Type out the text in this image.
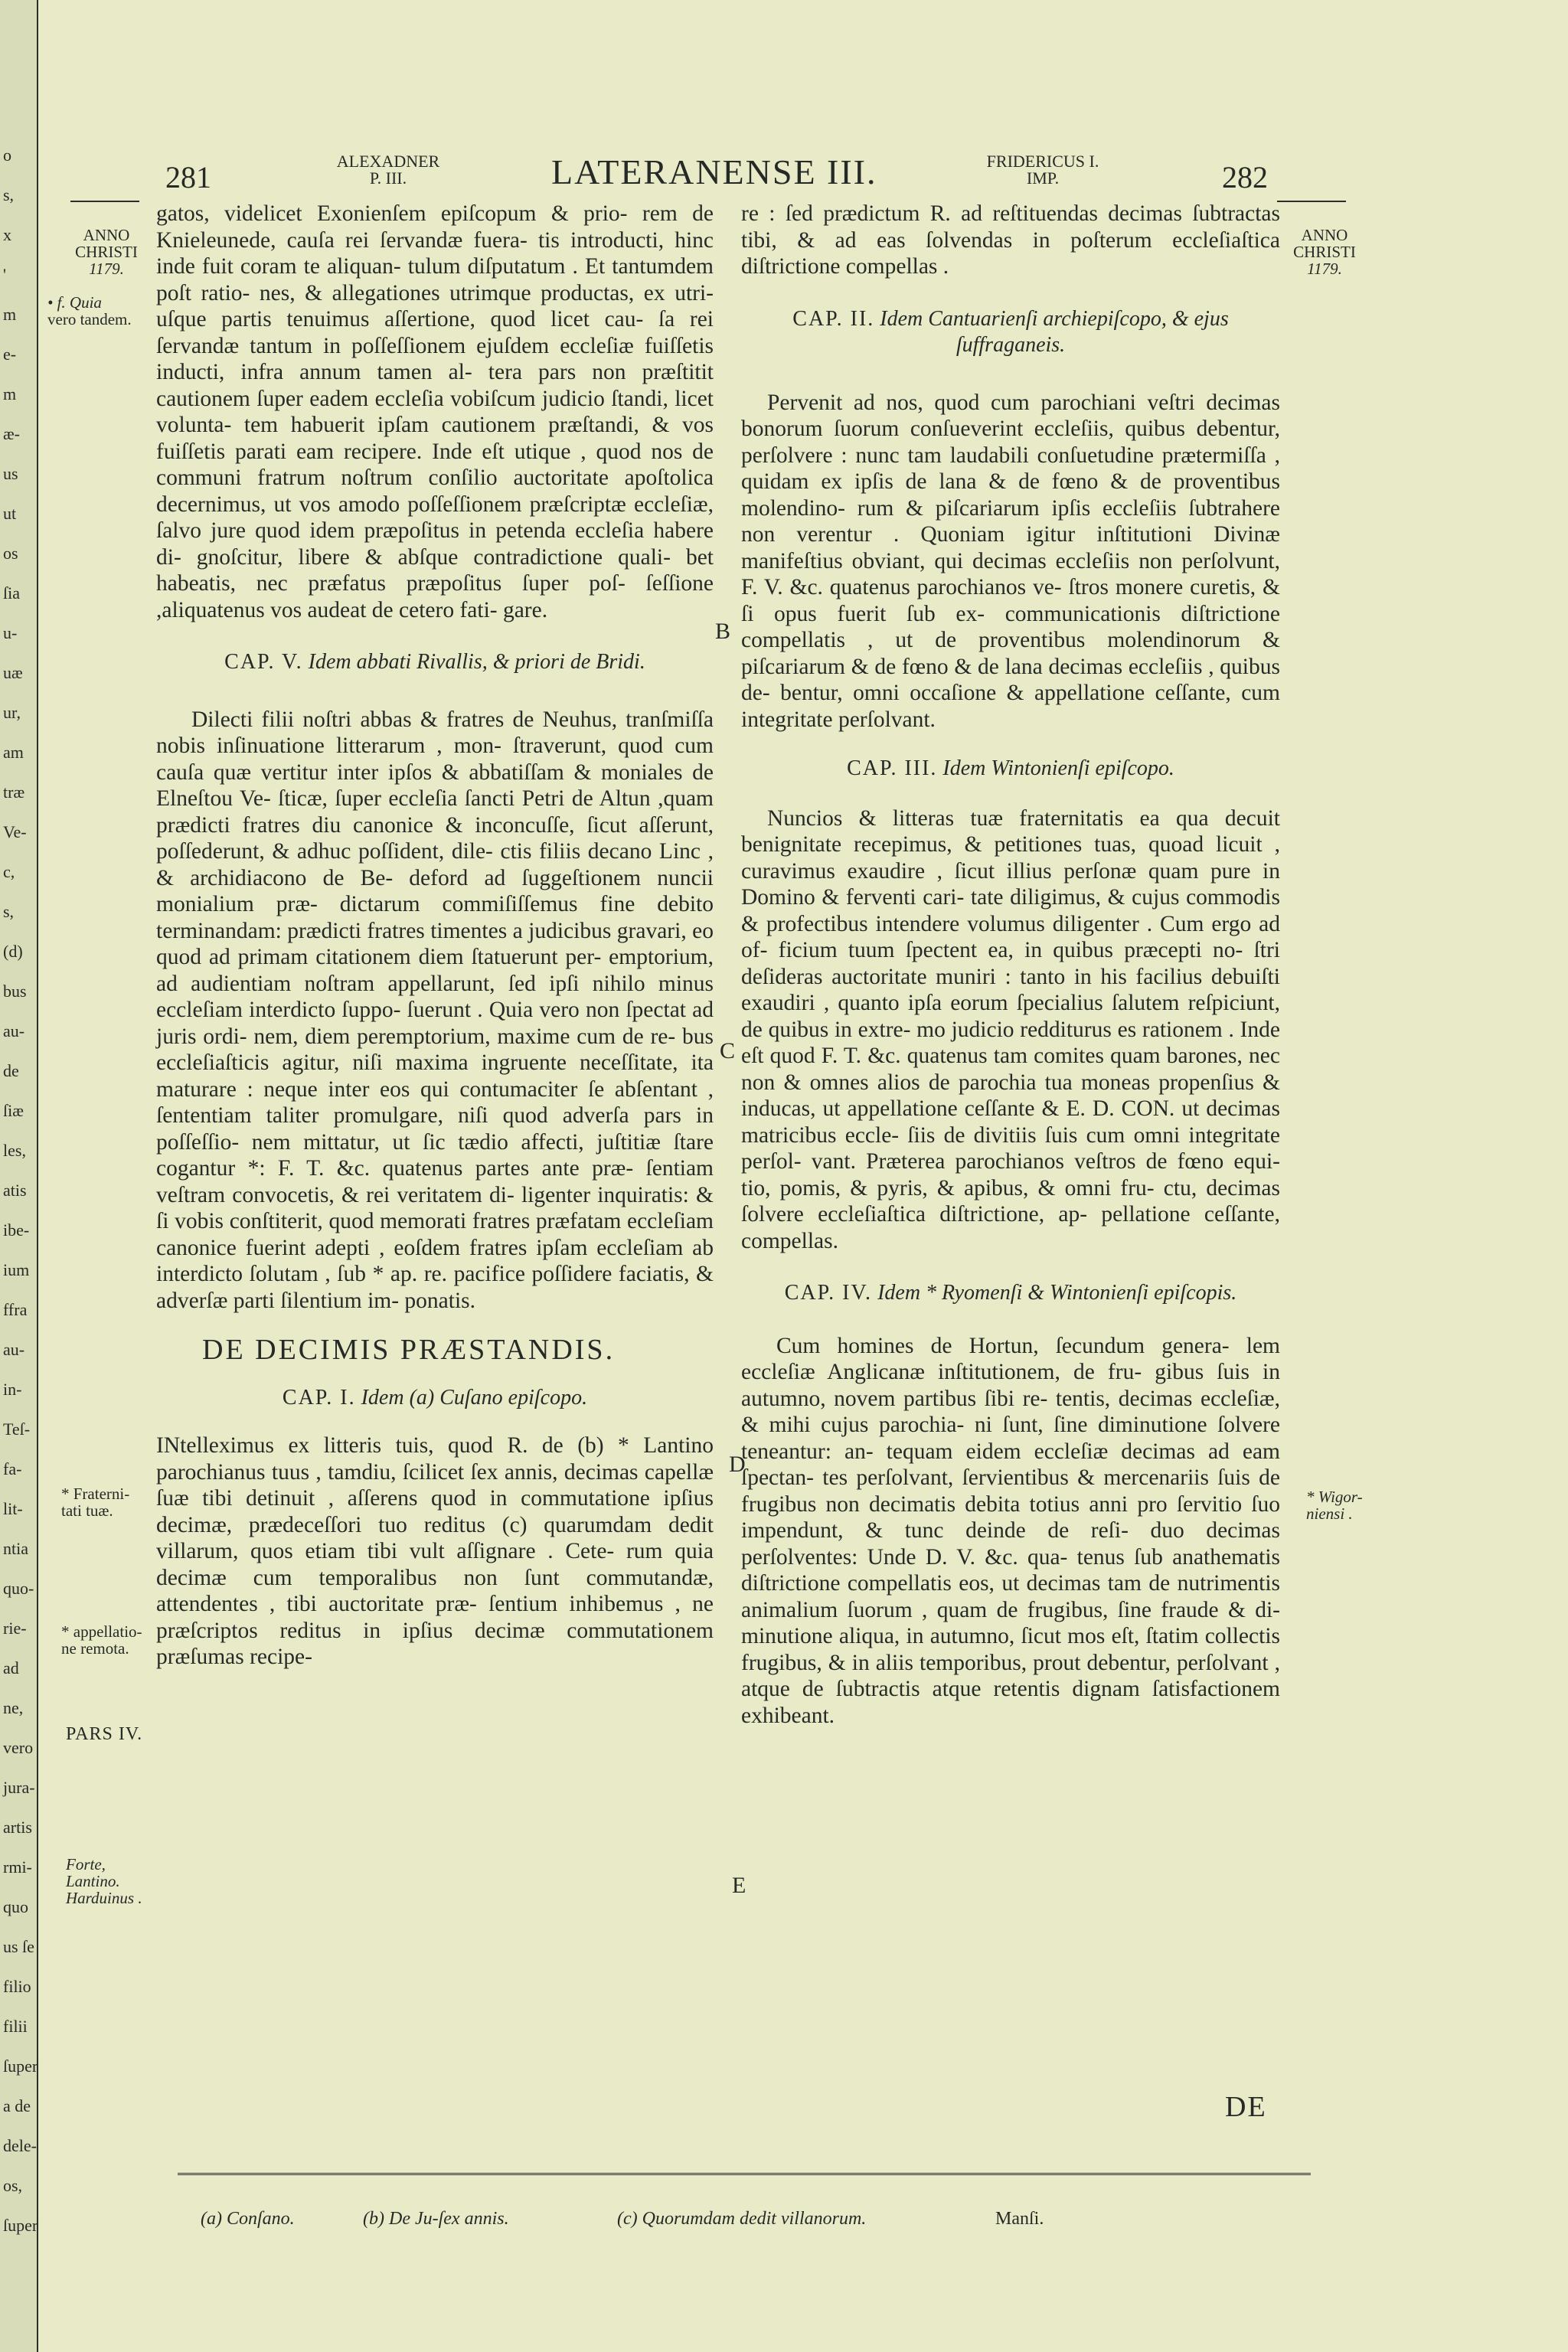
o
s,
x
'
m
e-
m
æ-
us
ut
os
ſia
u-
uæ
ur,
am
træ
Ve-
c,
s,
(d)
bus
au-
de
ſiæ
les,
atis
ibe-
ium
ffra
au-
in-
Teſ-
fa-
lit-
ntia
quo-
rie-
ad
ne,
vero
jura-
artis
rmi-
quo
us ſe
filio
filii
ſuper
a de
dele-
os,
ſuper
281	ALEXADNER
P. III.	LATERANENSE III.	FRIDERICUS I.
IMP.	282
ANNO
CHRISTI
1179.
• f. Quia
vero tandem.
* Fraterni-
tati tuæ.
* appellatio-
ne remota.
PARS IV.
Forte,
Lantino.
Harduinus .
ANNO
CHRISTI
1179.
* Wigor-
niensi .

gatos, videlicet Exonienſem epiſcopum & prio- rem de Knieleunede, cauſa rei ſervandæ fuera- tis introducti, hinc inde fuit coram te aliquan- tulum diſputatum . Et tantumdem poſt ratio- nes, & allegationes utrimque productas, ex utri- uſque partis tenuimus aſſertione, quod licet cau- ſa rei ſervandæ tantum in poſſeſſionem ejuſdem eccleſiæ fuiſſetis inducti, infra annum tamen al- tera pars non præſtitit cautionem ſuper eadem eccleſia vobiſcum judicio ſtandi, licet volunta- tem habuerit ipſam cautionem præſtandi, & vos fuiſſetis parati eam recipere. Inde eſt utique , quod nos de communi fratrum noſtrum conſilio auctoritate apoſtolica decernimus, ut vos amodo poſſeſſionem præſcriptæ eccleſiæ, ſalvo jure quod idem præpoſitus in petenda eccleſia habere di- gnoſcitur, libere & abſque contradictione quali- bet habeatis, nec præfatus præpoſitus ſuper poſ- ſeſſione ,aliquatenus vos audeat de cetero fati- gare.

CAP. V. Idem abbati Rivallis, & priori de Bridi.

Dilecti filii noſtri abbas & fratres de Neuhus, tranſmiſſa nobis inſinuatione litterarum , mon- ſtraverunt, quod cum cauſa quæ vertitur inter ipſos & abbatiſſam & moniales de Elneſtou Ve- ſticæ, ſuper eccleſia ſancti Petri de Altun ,quam prædicti fratres diu canonice & inconcuſſe, ſicut aſſerunt, poſſederunt, & adhuc poſſident, dile- ctis filiis decano Linc , & archidiacono de Be- deford ad ſuggeſtionem nuncii monialium præ- dictarum commiſiſſemus fine debito terminandam: prædicti fratres timentes a judicibus gravari, eo quod ad primam citationem diem ſtatuerunt per- emptorium, ad audientiam noſtram appellarunt, ſed ipſi nihilo minus eccleſiam interdicto ſuppo- ſuerunt . Quia vero non ſpectat ad juris ordi- nem, diem peremptorium, maxime cum de re- bus eccleſiaſticis agitur, niſi maxima ingruente neceſſitate, ita maturare : neque inter eos qui contumaciter ſe abſentant , ſententiam taliter promulgare, niſi quod adverſa pars in poſſeſſio- nem mittatur, ut ſic tædio affecti, juſtitiæ ſtare cogantur *: F. T. &c. quatenus partes ante præ- ſentiam veſtram convocetis, & rei veritatem di- ligenter inquiratis: & ſi vobis conſtiterit, quod memorati fratres præfatam eccleſiam canonice fuerint adepti , eoſdem fratres ipſam eccleſiam ab interdicto ſolutam , ſub * ap. re. pacifice poſſidere faciatis, & adverſæ parti ſilentium im- ponatis.

DE DECIMIS PRÆSTANDIS.
CAP. I. Idem (a) Cuſano epiſcopo.

INtelleximus ex litteris tuis, quod R. de (b) * Lantino parochianus tuus , tamdiu, ſcilicet ſex annis, decimas capellæ ſuæ tibi detinuit , aſſerens quod in commutatione ipſius decimæ, prædeceſſori tuo reditus (c) quarumdam dedit villarum, quos etiam tibi vult aſſignare . Cete- rum quia decimæ cum temporalibus non ſunt commutandæ, attendentes , tibi auctoritate præ- ſentium inhibemus , ne præſcriptos reditus in ipſius decimæ commutationem præſumas recipe-

B
C
D
E

re : ſed prædictum R. ad reſtituendas decimas ſubtractas tibi, & ad eas ſolvendas in poſterum eccleſiaſtica diſtrictione compellas .

CAP. II. Idem Cantuarienſi archiepiſcopo, & ejus ſuffraganeis.

Pervenit ad nos, quod cum parochiani veſtri decimas bonorum ſuorum conſueverint eccleſiis, quibus debentur, perſolvere : nunc tam laudabili conſuetudine prætermiſſa , quidam ex ipſis de lana & de fœno & de proventibus molendino- rum & piſcariarum ipſis eccleſiis ſubtrahere non verentur . Quoniam igitur inſtitutioni Divinæ manifeſtius obviant, qui decimas eccleſiis non perſolvunt, F. V. &c. quatenus parochianos ve- ſtros monere curetis, & ſi opus fuerit ſub ex- communicationis diſtrictione compellatis , ut de proventibus molendinorum & piſcariarum & de fœno & de lana decimas eccleſiis , quibus de- bentur, omni occaſione & appellatione ceſſante, cum integritate perſolvant.

CAP. III. Idem Wintonienſi epiſcopo.

Nuncios & litteras tuæ fraternitatis ea qua decuit benignitate recepimus, & petitiones tuas, quoad licuit , curavimus exaudire , ſicut illius perſonæ quam pure in Domino & ferventi cari- tate diligimus, & cujus commodis & profectibus intendere volumus diligenter . Cum ergo ad of- ficium tuum ſpectent ea, in quibus præcepti no- ſtri deſideras auctoritate muniri : tanto in his facilius debuiſti exaudiri , quanto ipſa eorum ſpecialius ſalutem reſpiciunt, de quibus in extre- mo judicio redditurus es rationem . Inde eſt quod F. T. &c. quatenus tam comites quam barones, nec non & omnes alios de parochia tua moneas propenſius & inducas, ut appellatione ceſſante & E. D. CON. ut decimas matricibus eccle- ſiis de divitiis ſuis cum omni integritate perſol- vant. Præterea parochianos veſtros de fœno equi- tio, pomis, & pyris, & apibus, & omni fru- ctu, decimas ſolvere eccleſiaſtica diſtrictione, ap- pellatione ceſſante, compellas.

CAP. IV. Idem * Ryomenſi & Wintonienſi epiſcopis.

Cum homines de Hortun, ſecundum genera- lem eccleſiæ Anglicanæ inſtitutionem, de fru- gibus ſuis in autumno, novem partibus ſibi re- tentis, decimas eccleſiæ, & mihi cujus parochia- ni ſunt, ſine diminutione ſolvere teneantur: an- tequam eidem eccleſiæ decimas ad eam ſpectan- tes perſolvant, ſervientibus & mercenariis ſuis de frugibus non decimatis debita totius anni pro ſervitio ſuo impendunt, & tunc deinde de reſi- duo decimas perſolventes: Unde D. V. &c. qua- tenus ſub anathematis diſtrictione compellatis eos, ut decimas tam de nutrimentis animalium ſuorum , quam de frugibus, ſine fraude & di- minutione aliqua, in autumno, ſicut mos eſt, ſtatim collectis frugibus, & in aliis temporibus, prout debentur, perſolvant , atque de ſubtractis atque retentis dignam ſatisfactionem exhibeant.

DE
(a) Conſano.	(b) De Ju-ſex annis.	(c) Quorumdam dedit villanorum.	Manſi.
